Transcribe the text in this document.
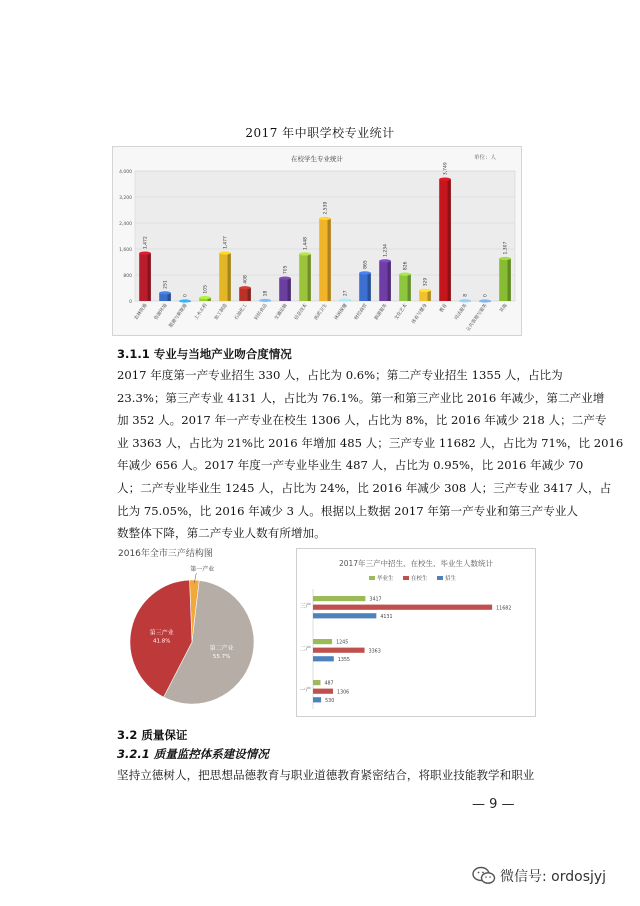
2017 年中职学校专业统计
在校学生专业统计	单位：人
0
800
1,600
2,400
3,200
4,000
1,472
农林牧渔
251
资源环境
0
能源与新能源
105
土木水利
1,477
加工制造
408
石油化工
18
轻纺食品
705
交通运输
1,448
信息技术
2,539
医药卫生
27
休闲保健
865
财经商贸
1,234
旅游服务
826
文化艺术
329
体育与健身
3,749
教育
8
司法服务
0
公共管理与服务
1,307
其他
3.1.1 专业与当地产业吻合度情况
2017 年度第一产专业招生 330 人，占比为 0.6%；第二产专业招生 1355 人，占比为
23.3%；第三产专业 4131 人，占比为 76.1%。第一和第三产业比 2016 年减少，第二产业增
加 352 人。2017 年一产专业在校生 1306 人，占比为 8%，比 2016 年减少 218 人；二产专
业 3363 人，占比为 21%比 2016 年增加 485 人；三产专业 11682 人，占比为 71%，比 2016
年减少 656 人。2017 年度一产专业毕业生 487 人，占比为 0.95%，比 2016 年减少 70
人；二产专业毕业生 1245 人，占比为 24%，比 2016 年减少 308 人；三产专业 3417 人，占
比为 75.05%，比 2016 年减少 3 人。根据以上数据 2017 年第一产专业和第三产专业人
数整体下降，第二产专业人数有所增加。
2016年全市三产结构图
第一产业
第二产业
55.7%
第三产业
41.8%
2017年三产中招生、在校生、毕业生人数统计
毕业生	在校生	招生
三产
3417
11682
4131
二产
1245
3363
1355
一产
487
1306
530
3.2 质量保证
3.2.1 质量监控体系建设情况
坚持立德树人，把思想品德教育与职业道德教育紧密结合，将职业技能教学和职业
— 9 —
微信号: ordosjyj
